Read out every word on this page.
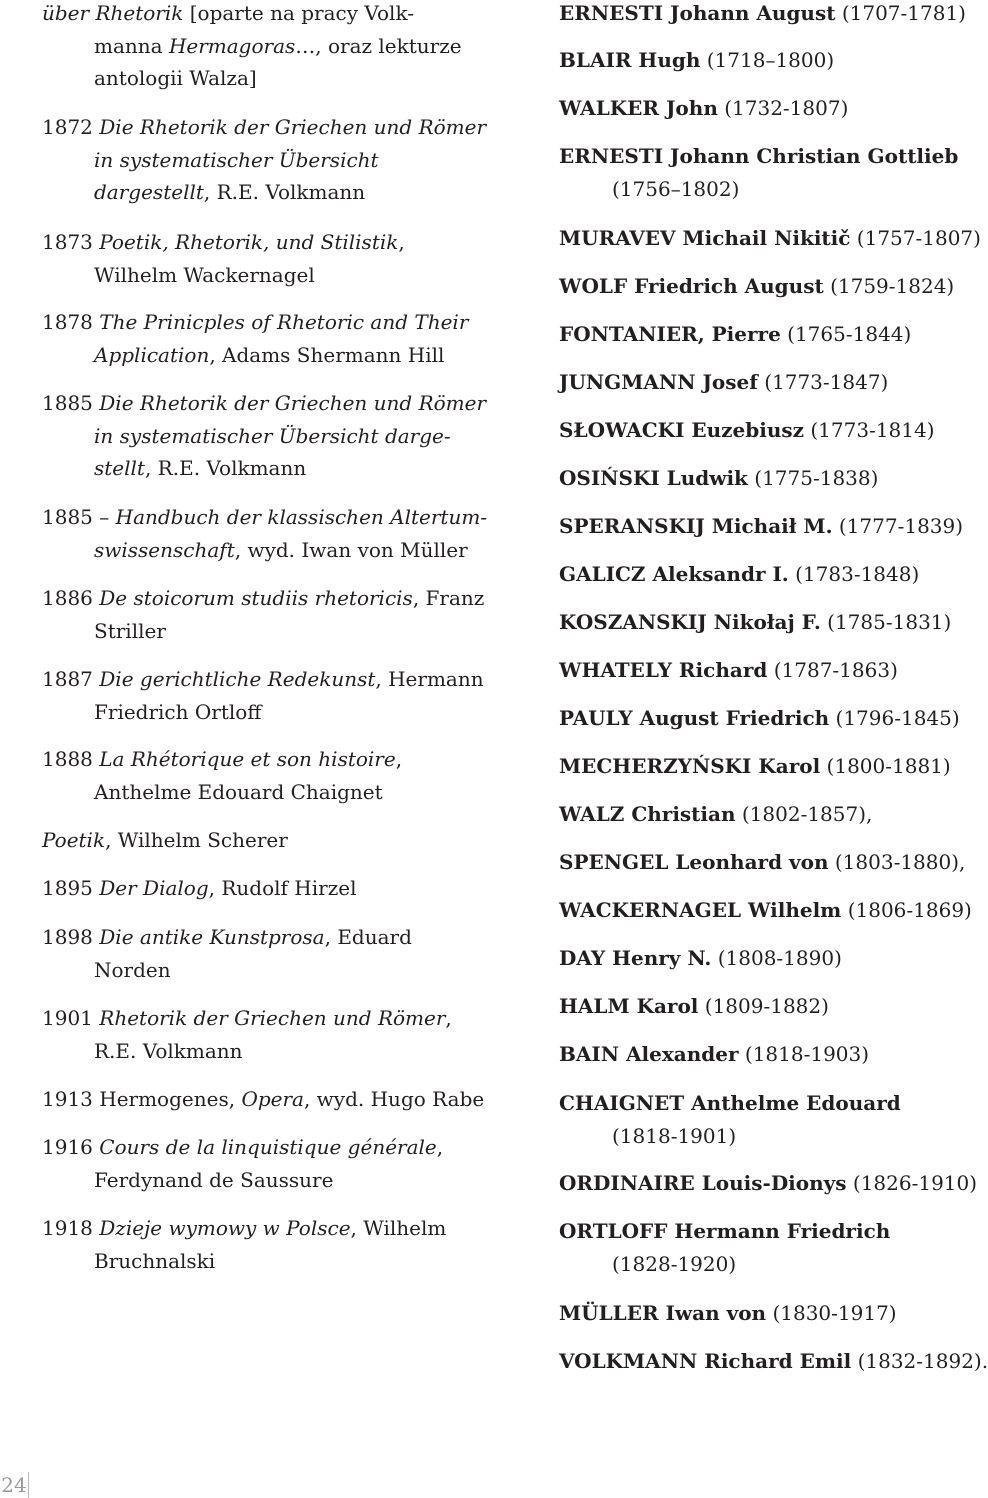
über Rhetorik [oparte na pracy Volk-
manna Hermagoras…, oraz lekturze
antologii Walza]
1872 Die Rhetorik der Griechen und Römer
in systematischer Übersicht
dargestellt, R.E. Volkmann
1873 Poetik, Rhetorik, und Stilistik,
Wilhelm Wackernagel
1878 The Prinicples of Rhetoric and Their
Application, Adams Shermann Hill
1885 Die Rhetorik der Griechen und Römer
in systematischer Übersicht darge-
stellt, R.E. Volkmann
1885 – Handbuch der klassischen Altertum-
swissenschaft, wyd. Iwan von Müller
1886 De stoicorum studiis rhetoricis, Franz
Striller
1887 Die gerichtliche Redekunst, Hermann
Friedrich Ortloff
1888 La Rhétorique et son histoire,
Anthelme Edouard Chaignet
Poetik, Wilhelm Scherer
1895 Der Dialog, Rudolf Hirzel
1898 Die antike Kunstprosa, Eduard
Norden
1901 Rhetorik der Griechen und Römer,
R.E. Volkmann
1913 Hermogenes, Opera, wyd. Hugo Rabe
1916 Cours de la linquistique générale,
Ferdynand de Saussure
1918 Dzieje wymowy w Polsce, Wilhelm
Bruchnalski
ERNESTI Johann August (1707-1781)
BLAIR Hugh (1718–1800)
WALKER John (1732-1807)
ERNESTI Johann Christian Gottlieb
(1756–1802)
MURAVEV Michail Nikitič (1757-1807)
WOLF Friedrich August (1759-1824)
FONTANIER, Pierre (1765-1844)
JUNGMANN Josef (1773-1847)
SŁOWACKI Euzebiusz (1773-1814)
OSIŃSKI Ludwik (1775-1838)
SPERANSKIJ Michaił M. (1777-1839)
GALICZ Aleksandr I. (1783-1848)
KOSZANSKIJ Nikołaj F. (1785-1831)
WHATELY Richard (1787-1863)
PAULY August Friedrich (1796-1845)
MECHERZYŃSKI Karol (1800-1881)
WALZ Christian (1802-1857),
SPENGEL Leonhard von (1803-1880),
WACKERNAGEL Wilhelm (1806-1869)
DAY Henry N. (1808-1890)
HALM Karol (1809-1882)
BAIN Alexander (1818-1903)
CHAIGNET Anthelme Edouard
(1818-1901)
ORDINAIRE Louis-Dionys (1826-1910)
ORTLOFF Hermann Friedrich
(1828-1920)
MÜLLER Iwan von (1830-1917)
VOLKMANN Richard Emil (1832-1892).
24
